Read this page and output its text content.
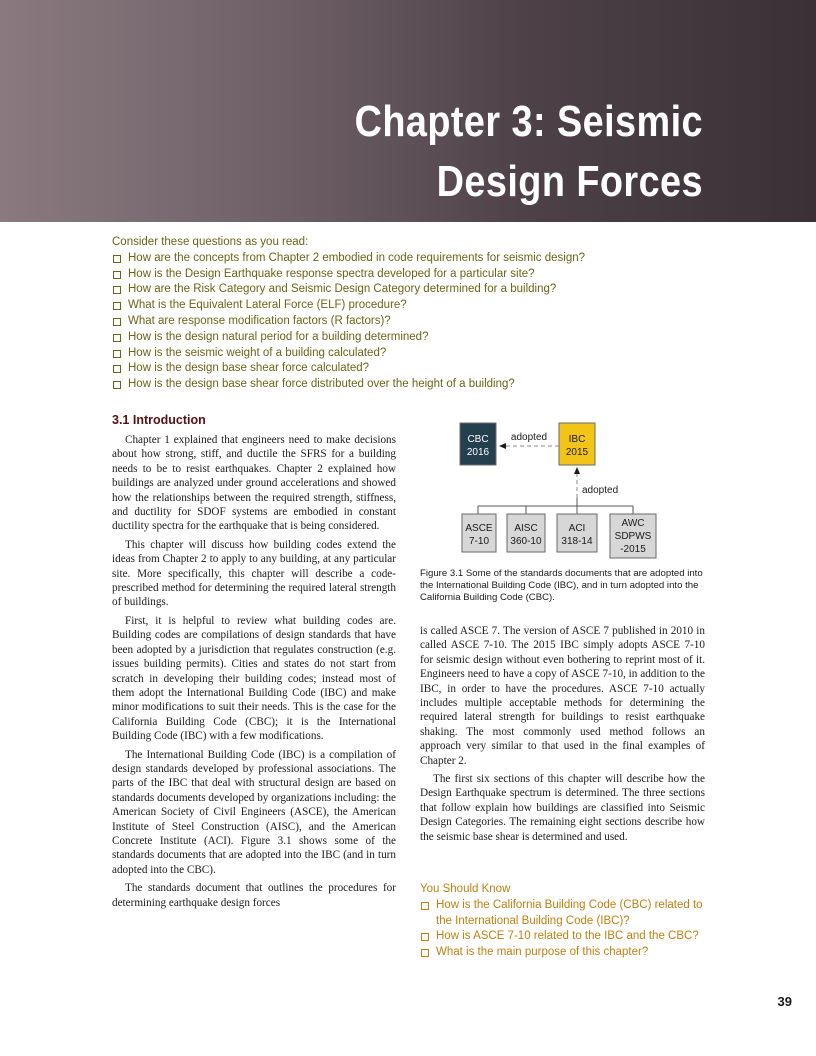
Chapter 3: Seismic
Design Forces

Consider these questions as you read:

How are the concepts from Chapter 2 embodied in code requirements for seismic design?
How is the Design Earthquake response spectra developed for a particular site?
How are the Risk Category and Seismic Design Category determined for a building?
What is the Equivalent Lateral Force (ELF) procedure?
What are response modification factors (R factors)?
How is the design natural period for a building determined?
How is the seismic weight of a building calculated?
How is the design base shear force calculated?
How is the design base shear force distributed over the height of a building?
3.1 Introduction

Chapter 1 explained that engineers need to make decisions about how strong, stiff, and ductile the SFRS for a building needs to be to resist earthquakes. Chapter 2 explained how buildings are analyzed under ground accelerations and showed how the relationships between the required strength, stiffness, and ductility for SDOF systems are embodied in constant ductility spectra for the earthquake that is being considered.

This chapter will discuss how building codes extend the ideas from Chapter 2 to apply to any building, at any particular site. More specifically, this chapter will describe a code-prescribed method for determining the required lateral strength of buildings.

First, it is helpful to review what building codes are. Building codes are compilations of design standards that have been adopted by a jurisdiction that regulates construction (e.g. issues building permits). Cities and states do not start from scratch in developing their building codes; instead most of them adopt the International Building Code (IBC) and make minor modifications to suit their needs. This is the case for the California Building Code (CBC); it is the International Building Code (IBC) with a few modifications.

The International Building Code (IBC) is a compilation of design standards developed by professional associations. The parts of the IBC that deal with structural design are based on standards documents developed by organizations including: the American Society of Civil Engineers (ASCE), the American Institute of Steel Construction (AISC), and the American Concrete Institute (ACI). Figure 3.1 shows some of the standards documents that are adopted into the IBC (and in turn adopted into the CBC).

The standards document that outlines the procedures for determining earthquake design forces

CBC
2016
IBC
2015
adopted
adopted
ASCE
7-10
AISC
360-10
ACI
318-14
AWC
SDPWS
-2015
Figure 3.1 Some of the standards documents that are adopted into the International Building Code (IBC), and in turn adopted into the California Building Code (CBC).

is called ASCE 7. The version of ASCE 7 published in 2010 in called ASCE 7-10. The 2015 IBC simply adopts ASCE 7-10 for seismic design without even bothering to reprint most of it. Engineers need to have a copy of ASCE 7-10, in addition to the IBC, in order to have the procedures. ASCE 7-10 actually includes multiple acceptable methods for determining the required lateral strength for buildings to resist earthquake shaking. The most commonly used method follows an approach very similar to that used in the final examples of Chapter 2.

The first six sections of this chapter will describe how the Design Earthquake spectrum is determined. The three sections that follow explain how buildings are classified into Seismic Design Categories. The remaining eight sections describe how the seismic base shear is determined and used.

You Should Know

How is the California Building Code (CBC) related to the International Building Code (IBC)?
How is ASCE 7-10 related to the IBC and the CBC?
What is the main purpose of this chapter?
39
